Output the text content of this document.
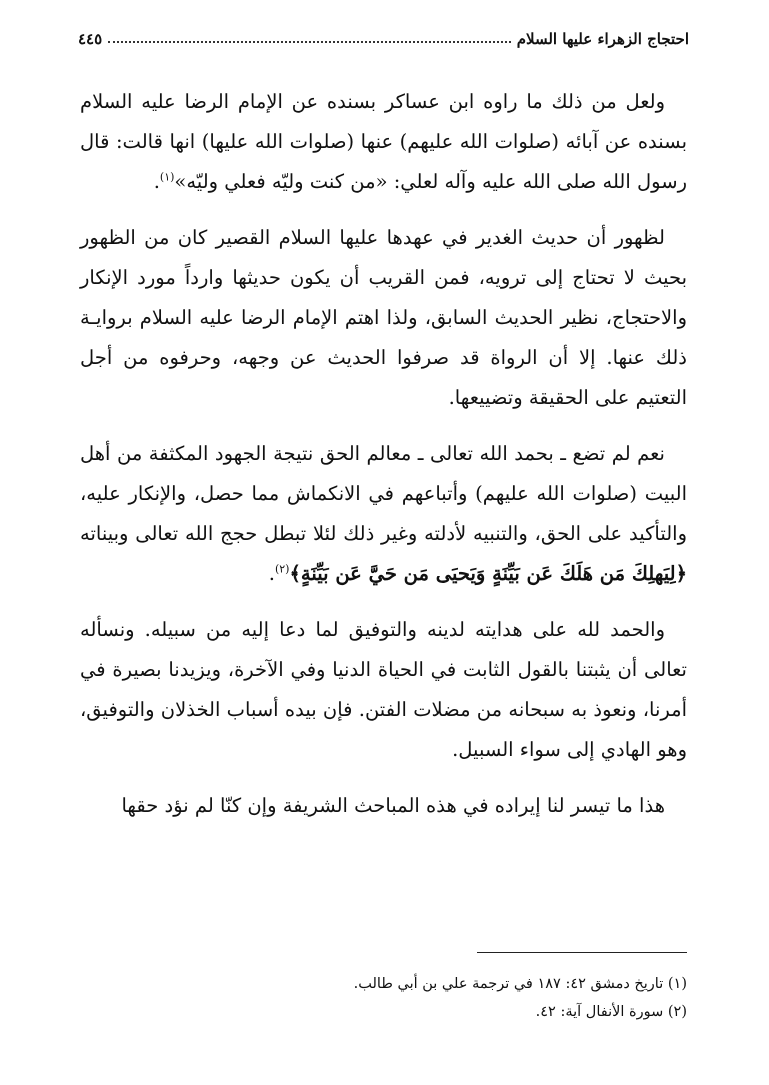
احتجاج الزهراء عليها السلام
٤٤٥

ولعل من ذلك ما راوه ابن عساكر بسنده عن الإمام الرضا عليه السلام بسنده عن آبائه (صلوات الله عليهم) عنها (صلوات الله عليها) انها قالت: قال رسول الله صلى الله عليه وآله لعلي: «من كنت وليّه فعلي وليّه»$^{(١)}$.

لظهور أن حديث الغدير في عهدها عليها السلام القصير كان من الظهور بحيث لا تحتاج إلى ترويه، فمن القريب أن يكون حديثها وارداً مورد الإنكار والاحتجاج، نظير الحديث السابق، ولذا اهتم الإمام الرضا عليه السلام بروايـة ذلك عنها. إلا أن الرواة قد صرفوا الحديث عن وجهه، وحرفوه من أجل التعتيم على الحقيقة وتضييعها.

نعم لم تضع ـ بحمد الله تعالى ـ معالم الحق نتيجة الجهود المكثفة من أهل البيت (صلوات الله عليهم) وأتباعهم في الانكماش مما حصل، والإنكار عليه، والتأكيد على الحق، والتنبيه لأدلته وغير ذلك لئلا تبطل حجج الله تعالى وبيناته ﴿لِيَهلِكَ مَن هَلَكَ عَن بَيِّنَةٍ وَيَحيَى مَن حَيَّ عَن بَيِّنَةٍ﴾$^{(٢)}$.

والحمد لله على هدايته لدينه والتوفيق لما دعا إليه من سبيله. ونسأله تعالى أن يثبتنا بالقول الثابت في الحياة الدنيا وفي الآخرة، ويزيدنا بصيرة في أمرنا، ونعوذ به سبحانه من مضلات الفتن. فإن بيده أسباب الخذلان والتوفيق، وهو الهادي إلى سواء السبيل.

هذا ما تيسر لنا إيراده في هذه المباحث الشريفة وإن كنّا لم نؤد حقها

(١) تاريخ دمشق ٤٢: ١٨٧ في ترجمة علي بن أبي طالب.

(٢) سورة الأنفال آية: ٤٢.
